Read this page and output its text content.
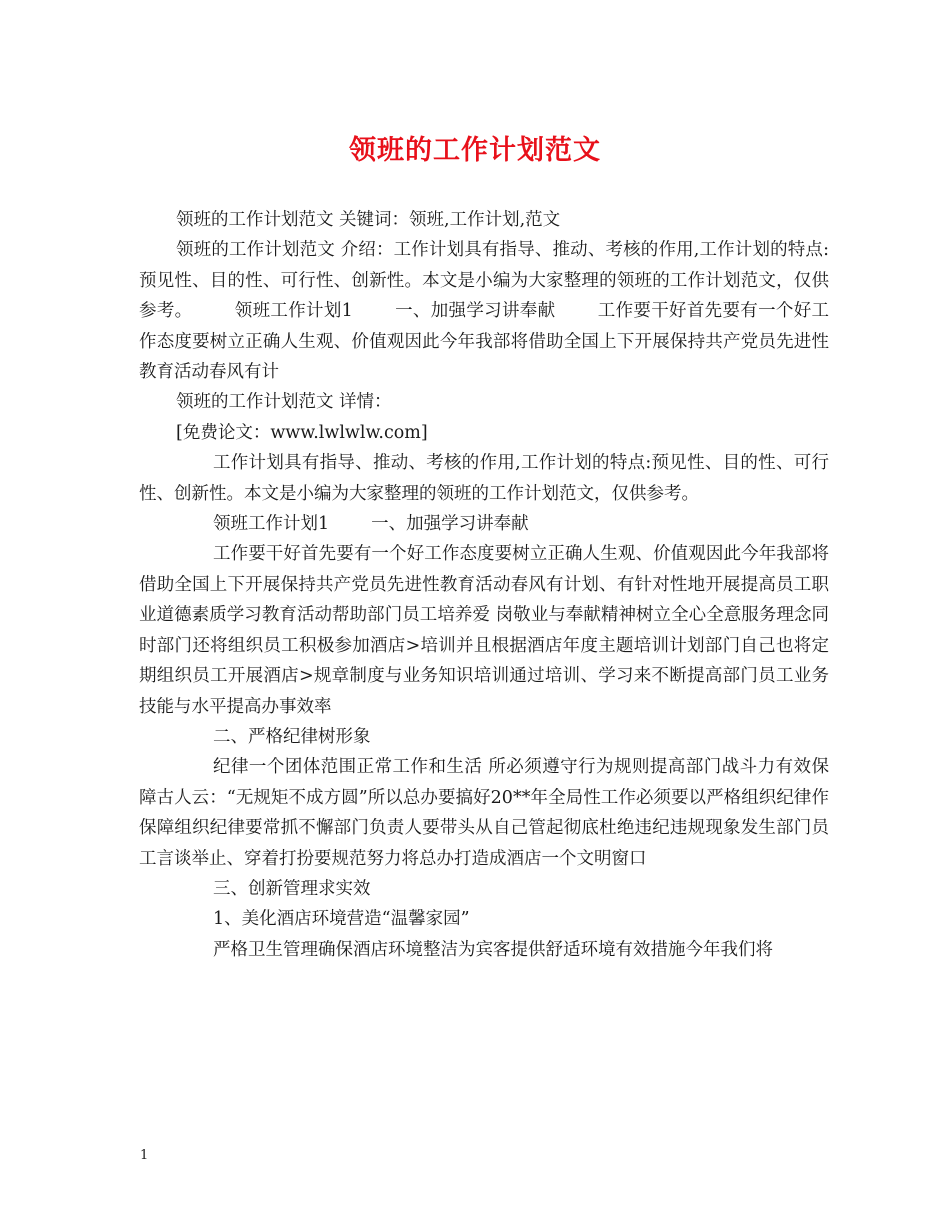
领班的工作计划范文

领班的工作计划范文 关键词：领班,工作计划,范文

领班的工作计划范文 介绍：工作计划具有指导、推动、考核的作用,工作计划的特点:预见性、目的性、可行性、创新性。本文是小编为大家整理的领班的工作计划范文，仅供参考。 领班工作计划1 一、加强学习讲奉献 工作要干好首先要有一个好工作态度要树立正确人生观、价值观因此今年我部将借助全国上下开展保持共产党员先进性教育活动春风有计

领班的工作计划范文 详情：

[免费论文：www.lwlwlw.com]

工作计划具有指导、推动、考核的作用,工作计划的特点:预见性、目的性、可行性、创新性。本文是小编为大家整理的领班的工作计划范文，仅供参考。

领班工作计划1 一、加强学习讲奉献

工作要干好首先要有一个好工作态度要树立正确人生观、价值观因此今年我部将借助全国上下开展保持共产党员先进性教育活动春风有计划、有针对性地开展提高员工职业道德素质学习教育活动帮助部门员工培养爱 岗敬业与奉献精神树立全心全意服务理念同时部门还将组织员工积极参加酒店>培训并且根据酒店年度主题培训计划部门自己也将定期组织员工开展酒店>规章制度与业务知识培训通过培训、学习来不断提高部门员工业务技能与水平提高办事效率

二、严格纪律树形象

纪律一个团体范围正常工作和生活 所必须遵守行为规则提高部门战斗力有效保障古人云：“无规矩不成方圆”所以总办要搞好20**年全局性工作必须要以严格组织纪律作保障组织纪律要常抓不懈部门负责人要带头从自己管起彻底杜绝违纪违规现象发生部门员工言谈举止、穿着打扮要规范努力将总办打造成酒店一个文明窗口

三、创新管理求实效

1、美化酒店环境营造“温馨家园”

严格卫生管理确保酒店环境整洁为宾客提供舒适环境有效措施今年我们将

1
